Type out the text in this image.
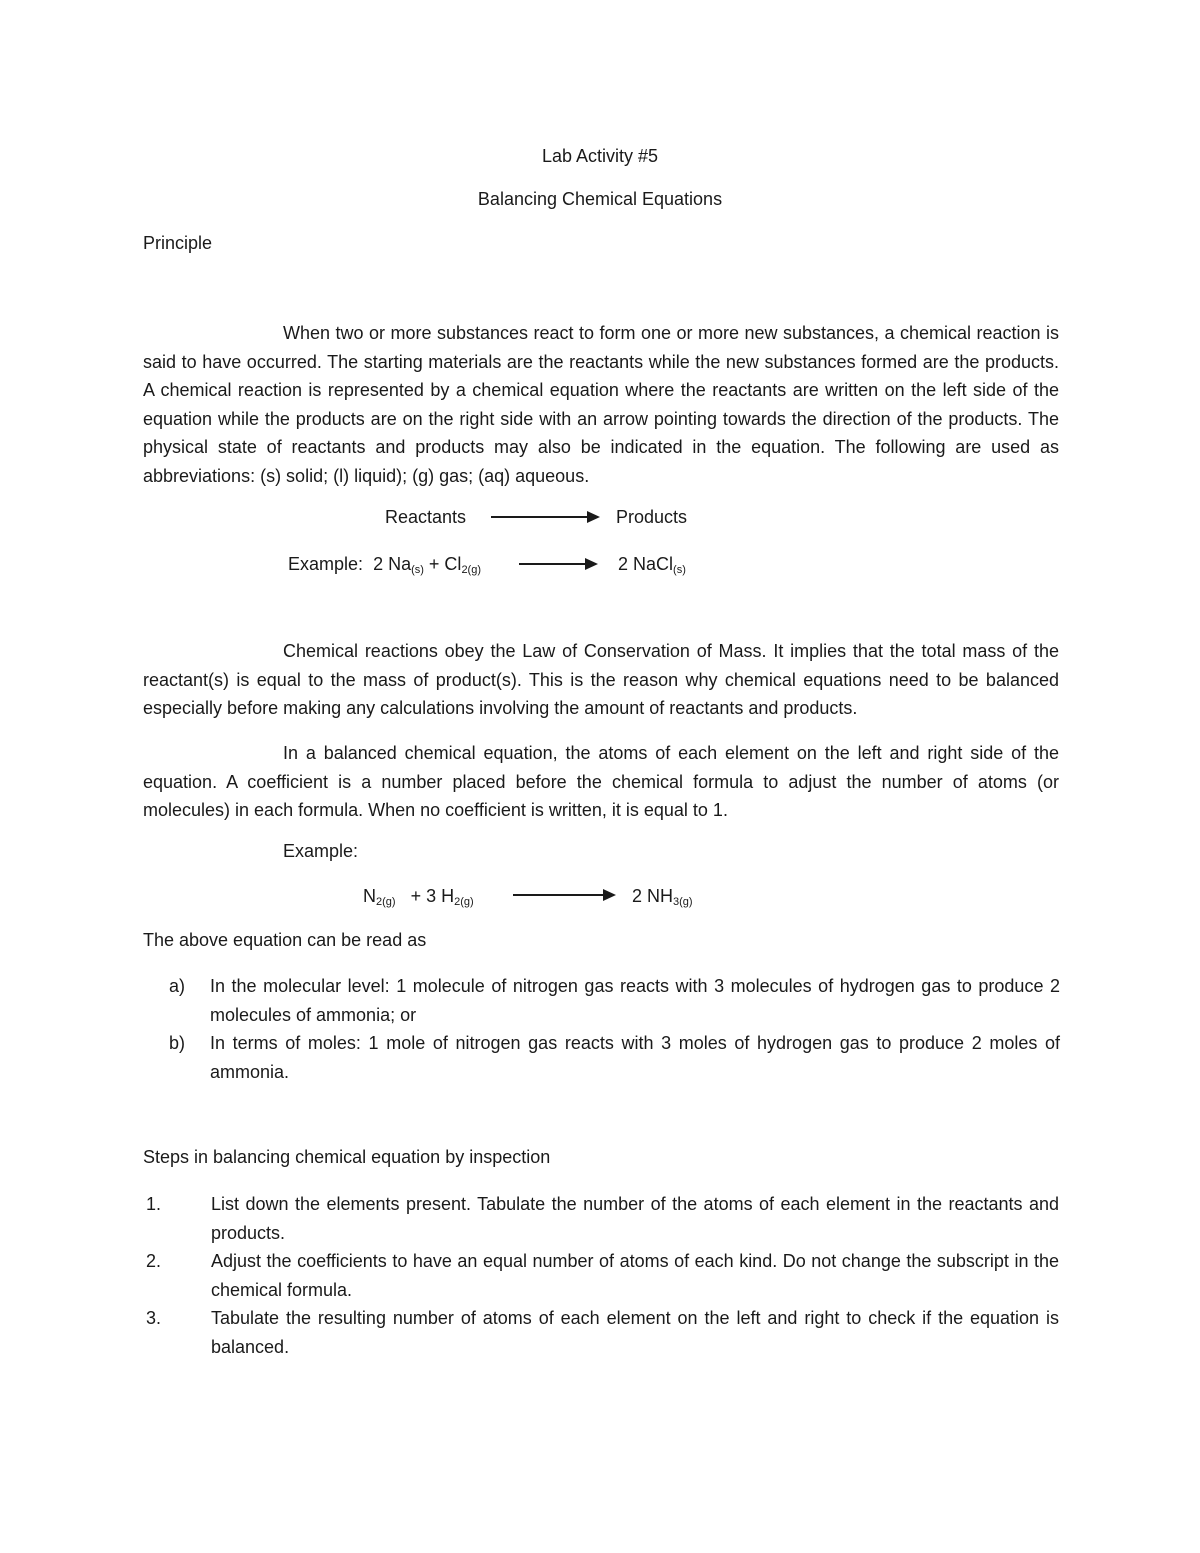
Lab Activity #5
Balancing Chemical Equations
Principle
When two or more substances react to form one or more new substances, a chemical reaction is said to have occurred. The starting materials are the reactants while the new substances formed are the products. A chemical reaction is represented by a chemical equation where the reactants are written on the left side of the equation while the products are on the right side with an arrow pointing towards the direction of the products. The physical state of reactants and products may also be indicated in the equation. The following are used as abbreviations: (s) solid; (l) liquid); (g) gas; (aq) aqueous.
Reactants	Products
Example: 2 $Na_{(s)} + Cl_{2(g)}$	2 NaCl$_{(s)}$
Chemical reactions obey the Law of Conservation of Mass. It implies that the total mass of the reactant(s) is equal to the mass of product(s). This is the reason why chemical equations need to be balanced especially before making any calculations involving the amount of reactants and products.
In a balanced chemical equation, the atoms of each element on the left and right side of the equation. A coefficient is a number placed before the chemical formula to adjust the number of atoms (or molecules) in each formula. When no coefficient is written, it is equal to 1.
Example:
$N_{2(g)} + 3$ $H_{2(g)}$	2 $NH_{3(g)}$
The above equation can be read as
a) In the molecular level: 1 molecule of nitrogen gas reacts with 3 molecules of hydrogen gas to produce 2 molecules of ammonia; or
b) In terms of moles: 1 mole of nitrogen gas reacts with 3 moles of hydrogen gas to produce 2 moles of ammonia.
Steps in balancing chemical equation by inspection
1.	List down the elements present. Tabulate the number of the atoms of each element in the reactants and products.
2.	Adjust the coefficients to have an equal number of atoms of each kind. Do not change the subscript in the chemical formula.
3.	Tabulate the resulting number of atoms of each element on the left and right to check if the equation is balanced.
